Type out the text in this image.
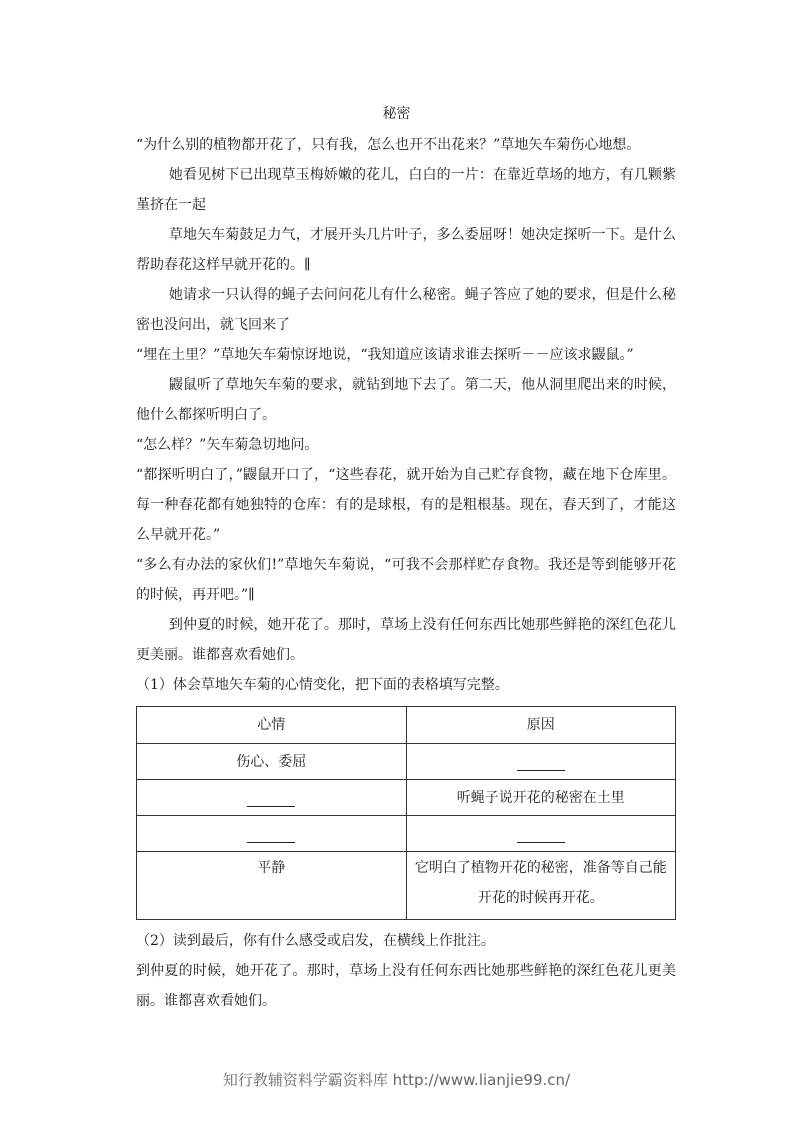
秘密

“为什么别的植物都开花了，只有我，怎么也开不出花来？”草地矢车菊伤心地想。

她看见树下已出现草玉梅娇嫩的花儿，白白的一片：在靠近草场的地方，有几颗紫堇挤在一起

草地矢车菊鼓足力气，才展开头几片叶子，多么委屈呀！她决定探听一下。是什么帮助春花这样早就开花的。∥

她请求一只认得的蝇子去问问花儿有什么秘密。蝇子答应了她的要求，但是什么秘密也没问出，就飞回来了

“埋在土里？”草地矢车菊惊讶地说，“我知道应该请求谁去探听－－应该求鼹鼠。”

鼹鼠听了草地矢车菊的要求，就钻到地下去了。第二天，他从洞里爬出来的时候，他什么都探听明白了。

“怎么样？”矢车菊急切地问。

“都探听明白了，”鼹鼠开口了，“这些春花，就开始为自己贮存食物，藏在地下仓库里。每一种春花都有她独特的仓库：有的是球根，有的是粗根基。现在，春天到了，才能这么早就开花。”

“多么有办法的家伙们!”草地矢车菊说，“可我不会那样贮存食物。我还是等到能够开花的时候，再开吧。”∥

到仲夏的时候，她开花了。那时，草场上没有任何东西比她那些鲜艳的深红色花儿更美丽。谁都喜欢看她们。

（1）体会草地矢车菊的心情变化，把下面的表格填写完整。

心情	原因
伤心、委屈	
	听蝇子说开花的秘密在土里

平静	它明白了植物开花的秘密，准备等自己能开花的时候再开花。

（2）读到最后，你有什么感受或启发，在横线上作批注。

到仲夏的时候，她开花了。那时，草场上没有任何东西比她那些鲜艳的深红色花儿更美丽。谁都喜欢看她们。

知行教辅资料学霸资料库 http://www.lianjie99.cn/
